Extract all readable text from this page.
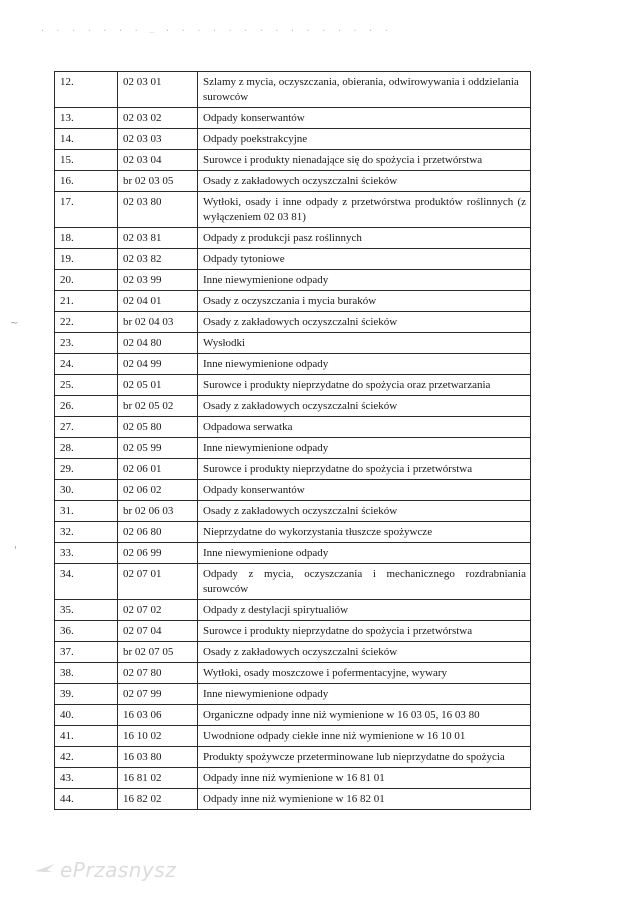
. . . . . . . _ . . . . . . . . . . . . . . .
12.	02 03 01	Szlamy z mycia, oczyszczania, obierania, odwirowywania i oddzielania surowców
13.	02 03 02	Odpady konserwantów
14.	02 03 03	Odpady poekstrakcyjne
15.	02 03 04	Surowce i produkty nienadające się do spożycia i przetwórstwa
16.	br 02 03 05	Osady z zakładowych oczyszczalni ścieków
17.	02 03 80	Wytłoki, osady i inne odpady z przetwórstwa produktów roślinnych (z wyłączeniem 02 03 81)
18.	02 03 81	Odpady z produkcji pasz roślinnych
19.	02 03 82	Odpady tytoniowe
20.	02 03 99	Inne niewymienione odpady
21.	02 04 01	Osady z oczyszczania i mycia buraków
22.	br 02 04 03	Osady z zakładowych oczyszczalni ścieków
23.	02 04 80	Wysłodki
24.	02 04 99	Inne niewymienione odpady
25.	02 05 01	Surowce i produkty nieprzydatne do spożycia oraz przetwarzania
26.	br 02 05 02	Osady z zakładowych oczyszczalni ścieków
27.	02 05 80	Odpadowa serwatka
28.	02 05 99	Inne niewymienione odpady
29.	02 06 01	Surowce i produkty nieprzydatne do spożycia i przetwórstwa
30.	02 06 02	Odpady konserwantów
31.	br 02 06 03	Osady z zakładowych oczyszczalni ścieków
32.	02 06 80	Nieprzydatne do wykorzystania tłuszcze spożywcze
33.	02 06 99	Inne niewymienione odpady
34.	02 07 01	Odpady z mycia, oczyszczania i mechanicznego rozdrabniania surowców
35.	02 07 02	Odpady z destylacji spirytualiów
36.	02 07 04	Surowce i produkty nieprzydatne do spożycia i przetwórstwa
37.	br 02 07 05	Osady z zakładowych oczyszczalni ścieków
38.	02 07 80	Wytłoki, osady moszczowe i pofermentacyjne, wywary
39.	02 07 99	Inne niewymienione odpady
40.	16 03 06	Organiczne odpady inne niż wymienione w 16 03 05, 16 03 80
41.	16 10 02	Uwodnione odpady ciekłe inne niż wymienione w 16 10 01
42.	16 03 80	Produkty spożywcze przeterminowane lub nieprzydatne do spożycia
43.	16 81 02	Odpady inne niż wymienione w 16 81 01
44.	16 82 02	Odpady inne niż wymienione w 16 82 01
~
'
ePrzasnysz
